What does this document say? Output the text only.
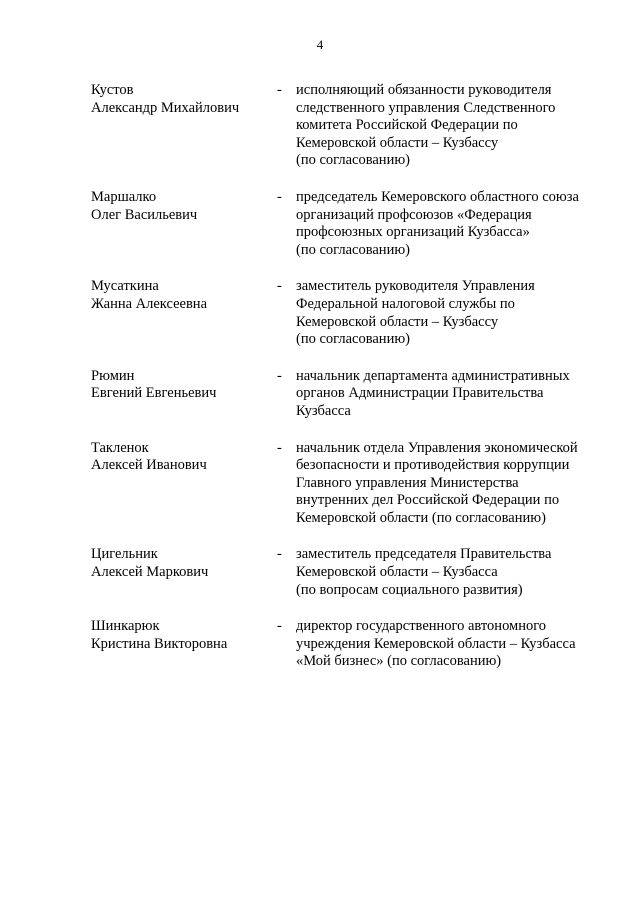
4
Кустов
Александр Михайлович
- исполняющий обязанности руководителя
следственного управления Следственного
комитета Российской Федерации по
Кемеровской области – Кузбассу
(по согласованию)
Маршалко
Олег Васильевич
- председатель Кемеровского областного союза
организаций профсоюзов «Федерация
профсоюзных организаций Кузбасса»
(по согласованию)
Мусаткина
Жанна Алексеевна
- заместитель руководителя Управления
Федеральной налоговой службы по
Кемеровской области – Кузбассу
(по согласованию)
Рюмин
Евгений Евгеньевич
- начальник департамента административных
органов Администрации Правительства
Кузбасса
Такленок
Алексей Иванович
- начальник отдела Управления экономической
безопасности и противодействия коррупции
Главного управления Министерства
внутренних дел Российской Федерации по
Кемеровской области (по согласованию)
Цигельник
Алексей Маркович
- заместитель председателя Правительства
Кемеровской области – Кузбасса
(по вопросам социального развития)
Шинкарюк
Кристина Викторовна
- директор государственного автономного
учреждения Кемеровской области – Кузбасса
«Мой бизнес» (по согласованию)
